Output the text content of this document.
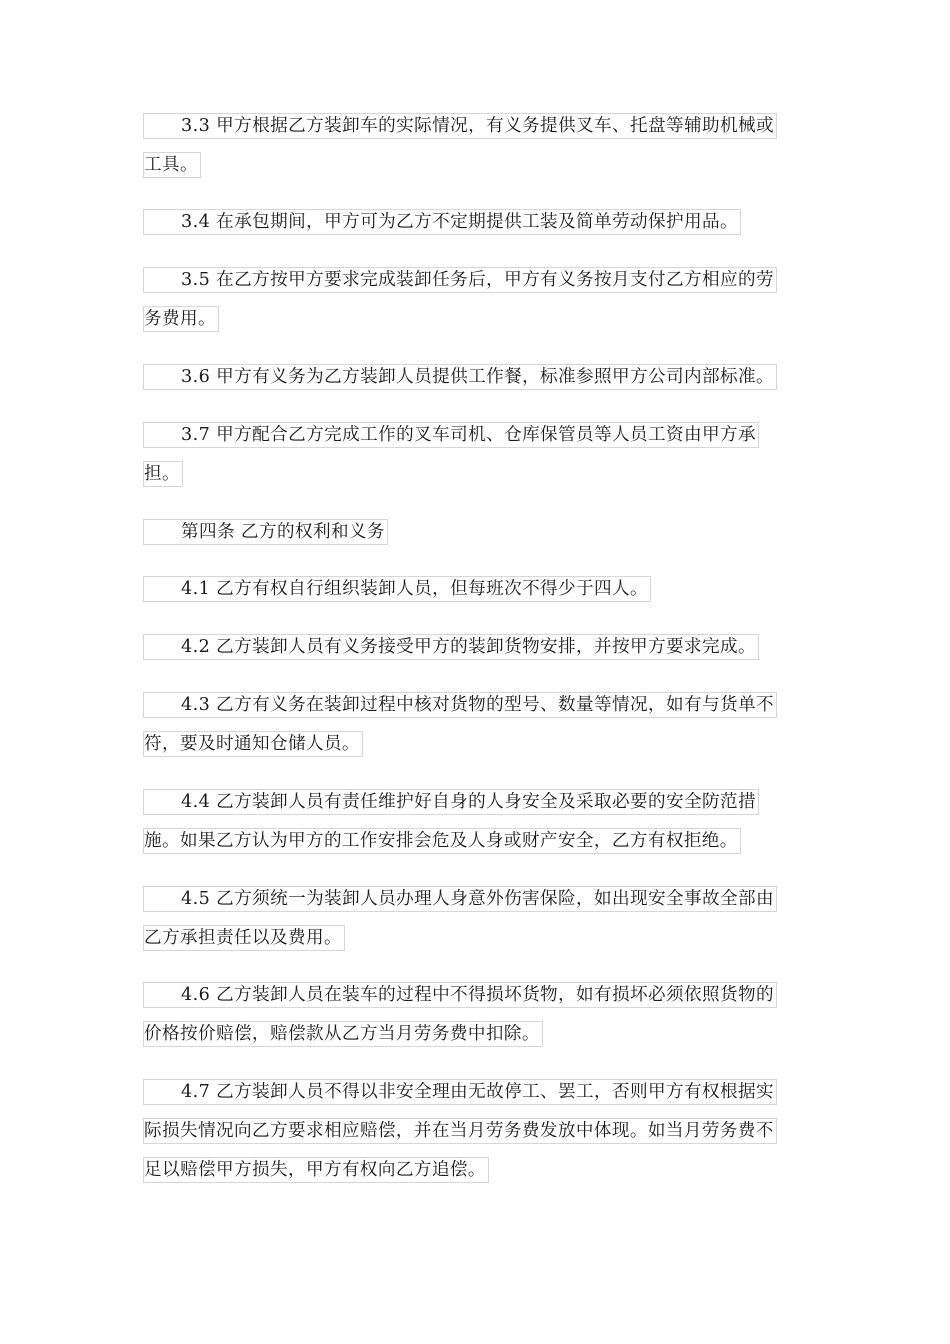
3.3 甲方根据乙方装卸车的实际情况，有义务提供叉车、托盘等辅助机械或
工具。
3.4 在承包期间，甲方可为乙方不定期提供工装及简单劳动保护用品。
3.5 在乙方按甲方要求完成装卸任务后，甲方有义务按月支付乙方相应的劳
务费用。
3.6 甲方有义务为乙方装卸人员提供工作餐，标准参照甲方公司内部标准。
3.7 甲方配合乙方完成工作的叉车司机、仓库保管员等人员工资由甲方承
担。
第四条 乙方的权利和义务
4.1 乙方有权自行组织装卸人员，但每班次不得少于四人。
4.2 乙方装卸人员有义务接受甲方的装卸货物安排，并按甲方要求完成。
4.3 乙方有义务在装卸过程中核对货物的型号、数量等情况，如有与货单不
符，要及时通知仓储人员。
4.4 乙方装卸人员有责任维护好自身的人身安全及采取必要的安全防范措
施。如果乙方认为甲方的工作安排会危及人身或财产安全，乙方有权拒绝。
4.5 乙方须统一为装卸人员办理人身意外伤害保险，如出现安全事故全部由
乙方承担责任以及费用。
4.6 乙方装卸人员在装车的过程中不得损坏货物，如有损坏必须依照货物的
价格按价赔偿，赔偿款从乙方当月劳务费中扣除。
4.7 乙方装卸人员不得以非安全理由无故停工、罢工，否则甲方有权根据实
际损失情况向乙方要求相应赔偿，并在当月劳务费发放中体现。如当月劳务费不
足以赔偿甲方损失，甲方有权向乙方追偿。
